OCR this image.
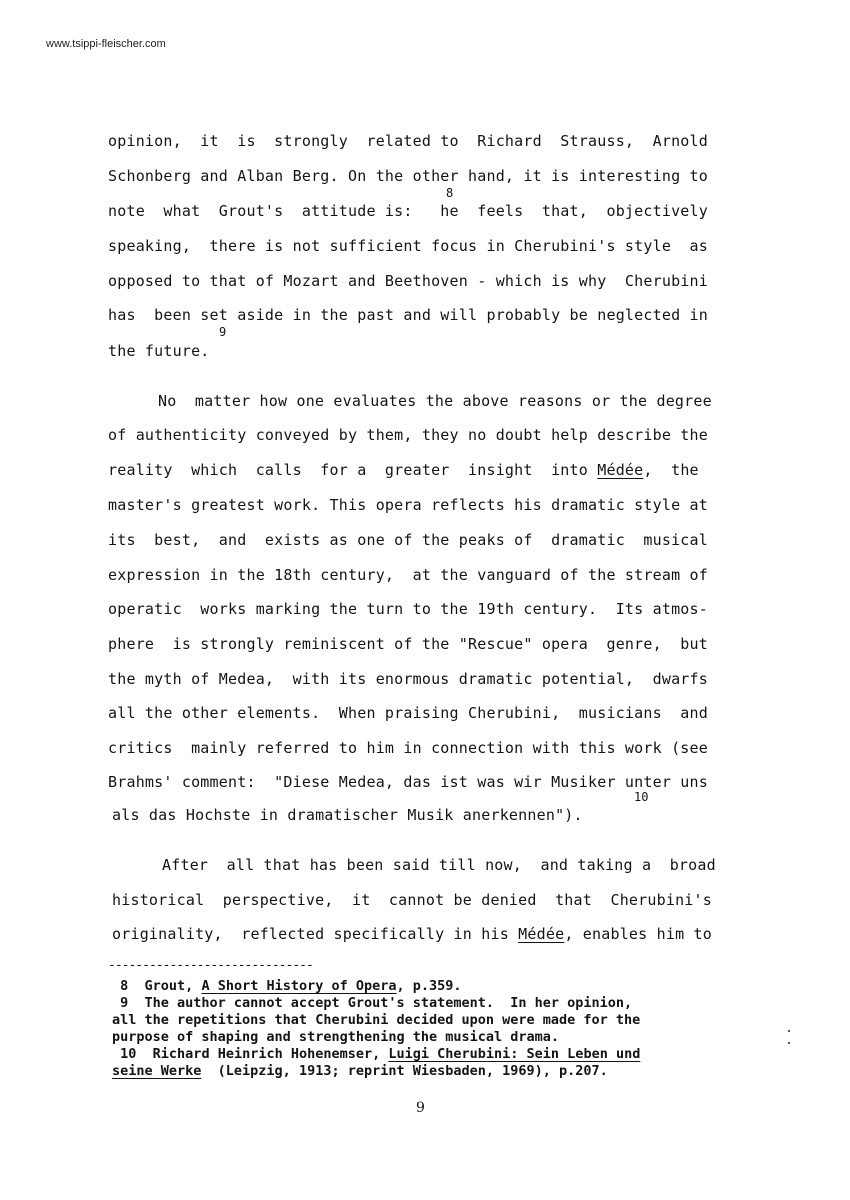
www.tsippi-fleischer.com
opinion,  it  is  strongly  related to  Richard  Strauss,  Arnold
Schonberg and Alban Berg. On the other hand, it is interesting to
8
note  what  Grout's  attitude is:   he  feels  that,  objectively
speaking,  there is not sufficient focus in Cherubini's style  as
opposed to that of Mozart and Beethoven - which is why  Cherubini
has  been set aside in the past and will probably be neglected in
9
the future.
No  matter how one evaluates the above reasons or the degree
of authenticity conveyed by them, they no doubt help describe the
reality  which  calls  for a  greater  insight  into Médée,  the
master's greatest work. This opera reflects his dramatic style at
its  best,  and  exists as one of the peaks of  dramatic  musical
expression in the 18th century,  at the vanguard of the stream of
operatic  works marking the turn to the 19th century.  Its atmos-
phere  is strongly reminiscent of the "Rescue" opera  genre,  but
the myth of Medea,  with its enormous dramatic potential,  dwarfs
all the other elements.  When praising Cherubini,  musicians  and
critics  mainly referred to him in connection with this work (see
Brahms' comment:  "Diese Medea, das ist was wir Musiker unter uns
10
als das Hochste in dramatischer Musik anerkennen").
After  all that has been said till now,  and taking a  broad
historical  perspective,  it  cannot be denied  that  Cherubini's
originality,  reflected specifically in his Médée, enables him to
------------------------------
8 Grout, A Short History of Opera, p.359.
9  The author cannot accept Grout's statement.  In her opinion,
all the repetitions that Cherubini decided upon were made for the
purpose of shaping and strengthening the musical drama.
10 Richard Heinrich Hohenemser, Luigi Cherubini: Sein Leben und
seine Werke  (Leipzig, 1913; reprint Wiesbaden, 1969), p.207.
9
